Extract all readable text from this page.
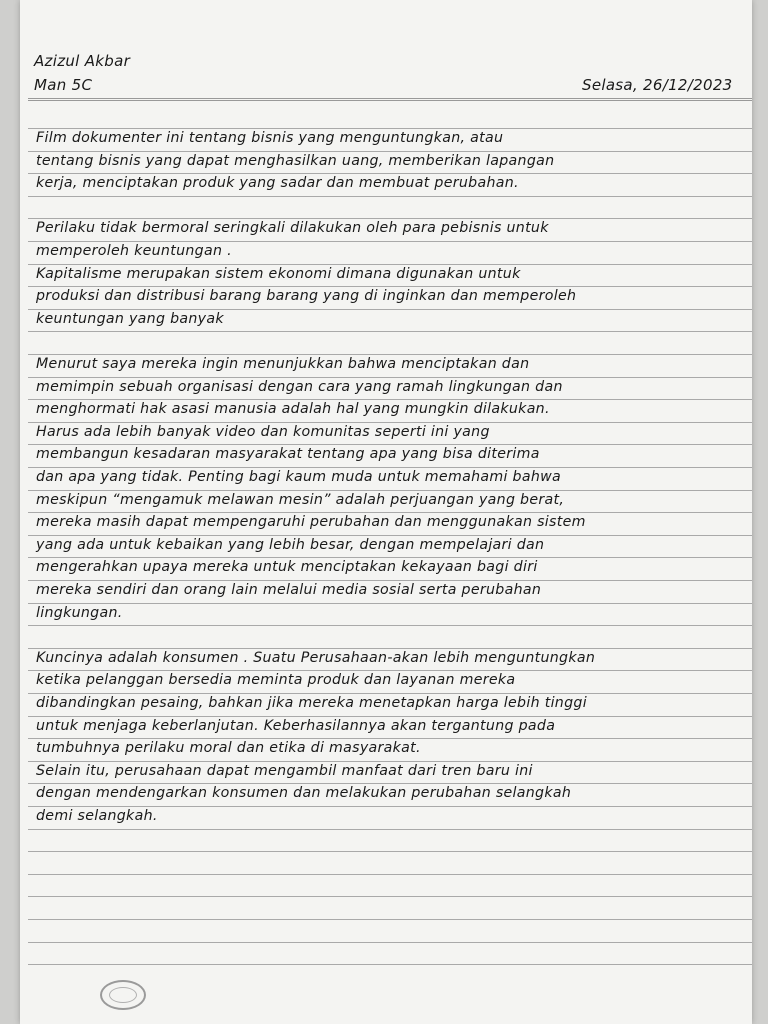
Azizul Akbar
Man 5C	Selasa, 26/12/2023
Film dokumenter ini tentang bisnis yang menguntungkan, atau
tentang bisnis yang dapat menghasilkan uang, memberikan lapangan
kerja, menciptakan produk yang sadar dan membuat perubahan.
Perilaku tidak bermoral seringkali dilakukan oleh para pebisnis untuk
memperoleh keuntungan .
Kapitalisme merupakan sistem ekonomi dimana digunakan untuk
produksi dan distribusi barang barang yang di inginkan dan memperoleh
keuntungan yang banyak
Menurut saya mereka ingin menunjukkan bahwa menciptakan dan
memimpin sebuah organisasi dengan cara yang ramah lingkungan dan
menghormati hak asasi manusia adalah hal yang mungkin dilakukan.
Harus ada lebih banyak video dan komunitas seperti ini yang
membangun kesadaran masyarakat tentang apa yang bisa diterima
dan apa yang tidak. Penting bagi kaum muda untuk memahami bahwa
meskipun “mengamuk melawan mesin” adalah perjuangan yang berat,
mereka masih dapat mempengaruhi perubahan dan menggunakan sistem
yang ada untuk kebaikan yang lebih besar, dengan mempelajari dan
mengerahkan upaya mereka untuk menciptakan kekayaan bagi diri
mereka sendiri dan orang lain melalui media sosial serta perubahan
lingkungan.
Kuncinya adalah konsumen . Suatu Perusahaan-akan lebih menguntungkan
ketika pelanggan bersedia meminta produk dan layanan mereka
dibandingkan pesaing, bahkan jika mereka menetapkan harga lebih tinggi
untuk menjaga keberlanjutan. Keberhasilannya akan tergantung pada
tumbuhnya perilaku moral dan etika di masyarakat.
Selain itu, perusahaan dapat mengambil manfaat dari tren baru ini
dengan mendengarkan konsumen dan melakukan perubahan selangkah
demi selangkah.
